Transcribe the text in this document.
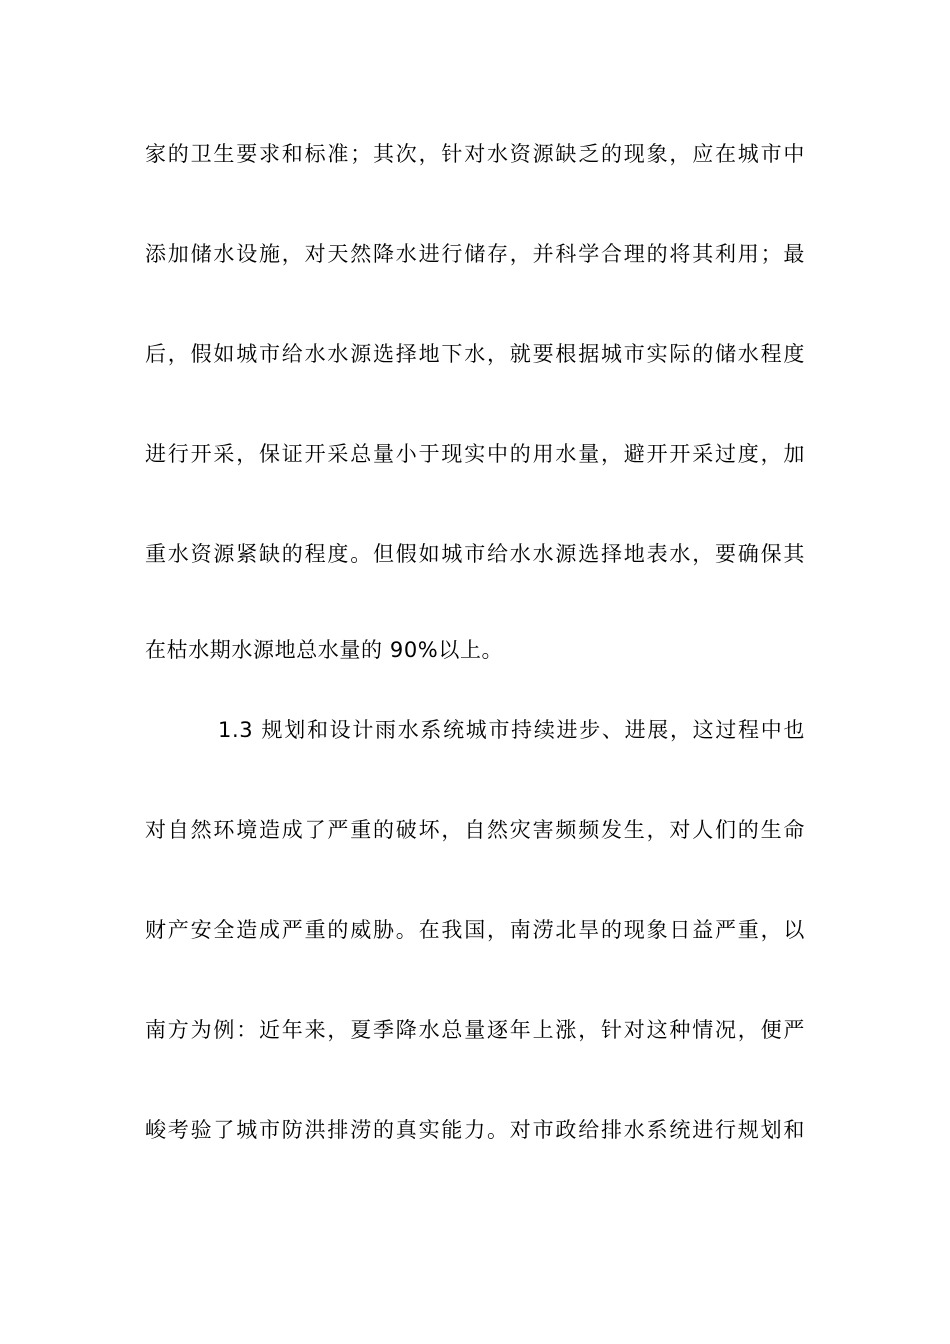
家的卫生要求和标准；其次，针对水资源缺乏的现象，应在城市中
添加储水设施，对天然降水进行储存，并科学合理的将其利用；最
后，假如城市给水水源选择地下水，就要根据城市实际的储水程度
进行开采，保证开采总量小于现实中的用水量，避开开采过度，加
重水资源紧缺的程度。但假如城市给水水源选择地表水，要确保其
在枯水期水源地总水量的 90%以上。
1.3 规划和设计雨水系统城市持续进步、进展，这过程中也
对自然环境造成了严重的破坏，自然灾害频频发生，对人们的生命
财产安全造成严重的威胁。在我国，南涝北旱的现象日益严重，以
南方为例：近年来，夏季降水总量逐年上涨，针对这种情况，便严
峻考验了城市防洪排涝的真实能力。对市政给排水系统进行规划和
